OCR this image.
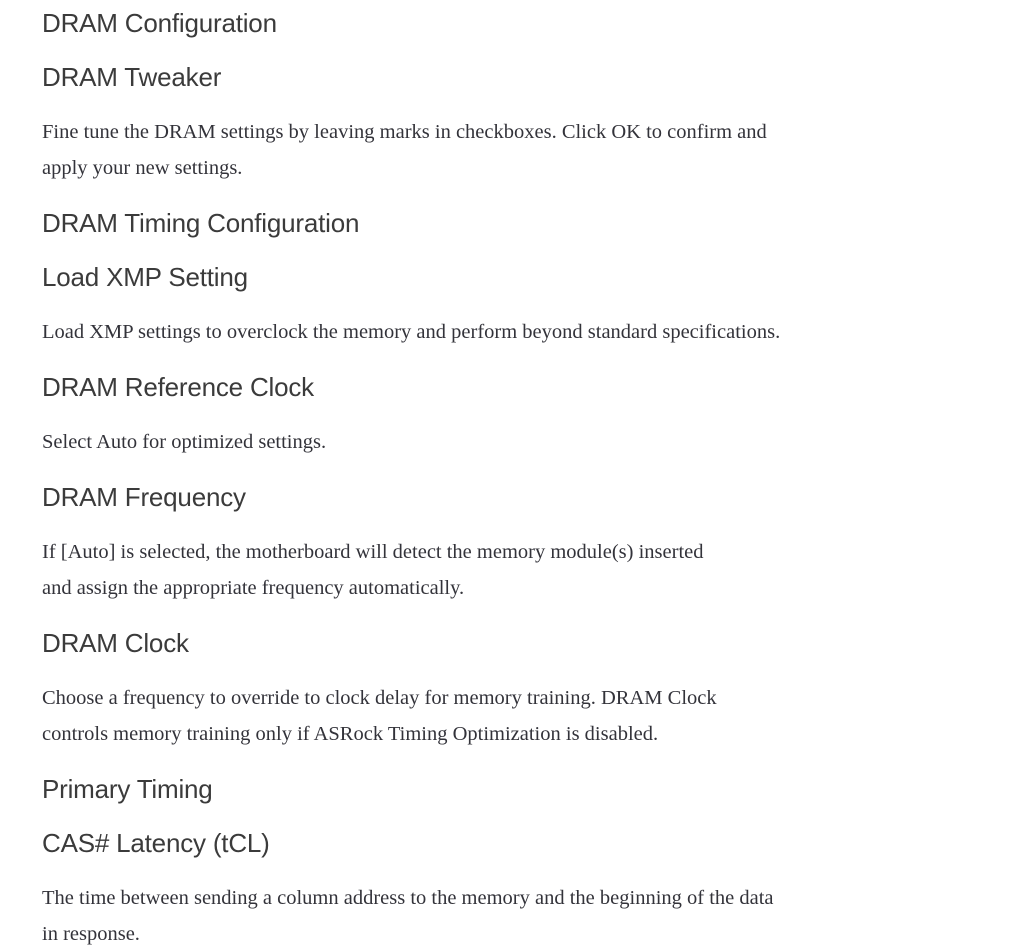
DRAM Configuration
DRAM Tweaker

Fine tune the DRAM settings by leaving marks in checkboxes. Click OK to confirm and
apply your new settings.

DRAM Timing Configuration
Load XMP Setting

Load XMP settings to overclock the memory and perform beyond standard specifications.

DRAM Reference Clock

Select Auto for optimized settings.

DRAM Frequency

If [Auto] is selected, the motherboard will detect the memory module(s) inserted
and assign the appropriate frequency automatically.

DRAM Clock

Choose a frequency to override to clock delay for memory training. DRAM Clock
controls memory training only if ASRock Timing Optimization is disabled.

Primary Timing
CAS# Latency (tCL)

The time between sending a column address to the memory and the beginning of the data
in response.
